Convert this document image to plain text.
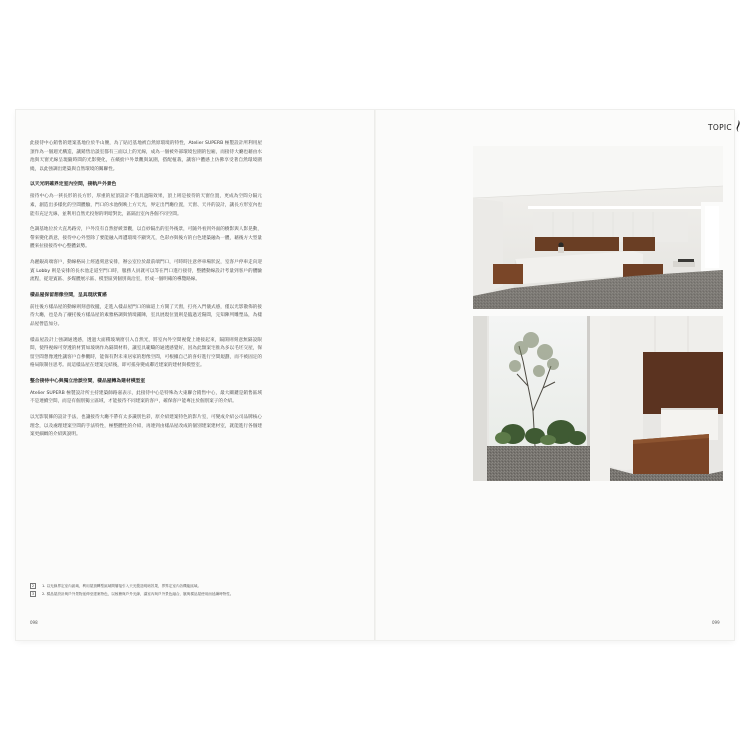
此接待中心銷售的建案基地位於半山腰，為了貼近基地被自然原環境的特性，Atelier SUPERB 極製設計所利用屋頂作為一個週光構造，讓銷售洽談室都有三面以上的光線，成為一個被外部環境包圍的包廂，而接待大廳也藉由水池與天窗光線呈現隨時間的光影變化，在繽紛戶外景觀與氣圍，搭配植栽，讓客戶體感上仿佛享受著自然環境圍繞，以此強調出建築與自然環境的關聯性。

以天光明確界定室內空間，接軌戶外景色

接待中心為一狹長形的長方形，厚重的屋頂設計不僅具遮陽效果，頂上則是接待的天窗位置，更成為空間分隔元素，創造出多樣化的空間體驗，門口的水池倒映上方天光，界定出門廳位置，天窗、天井的設計，讓長方形室內也能有充足光線，並利用自然光投射的明暗對比，區隔出室內各個不同空間。

色調基地位於大直馬路旁，戶外沒有自然舒緩景觀，以自紗隔出的室外後景，可隨外看到外面的樹影與人影晃動，帶來變化新意，接待中心外型除了要能融入周遭環境不顯突兀，色彩亦與後方的白色建築融為一體，藉後方大型量體來拉接接待中心整體氣勢。

為麗銀高端客戶，動線格局上經過刻意安排，辦公室位於最前端門口，可時時注意停車場狀況，室客戶停車走向迎賓 Lobby 則是安排的長水池走道至門口時，服務人員就可以等在門口進行接待，整體動線設計考量到客戶的體驗流程，從迎賓區、多媒體展示區、模型區到個別商洽室，形成一個明確的導覽路線。

樣品屋保留想像空間，呈具現狀質感

前往後方樣品屋的動線則刻意收攏，走進入樣品屋門口的廊道上方開了天窗，打亮入門儀式感，僅以光影散佈的接待大廳，也是為了襯托後方樣品屋的素雅格調與情境鋪陳，室具展現位置則是臨過近陽間，完知陳列雕塑品，為樣品屋營造加分。

樣品屋設計上強調通透感，透過大面積玻璃窗引入自然光，將室內外空間視覺上連接起來，隔開則刻意無隔設限間，使得視線可穿透的材質如玻璃作為隔間材料，讓室具範疇的通透感覺好，因為此類案宅推為多以毛坯交屋，保留空間想像透性讓客戶自參觀時，能保有對未來居家的想像空間，可根據自己的喜好進行空間規劃，而不被固定的格局限制住思考。而這樣品屋在建案完結後，即可搖身變成鄰近建案的建材與模型室。

整合接待中心與獨立洽談空間，樣品屋轉為建材模型室

Atelier SUPERB 極製設計所主持建築師路嘉表示，此接待中心是特殊為大東聯合銷售中心，最大關鍵是銷售區域不是連續空間，而是有個別獨立區域，才能接待不同建案的客戶，確保客戶能專注於個別案子的介紹。

以光影裝飾的設計手法，也讓接待大廳不帶有太多識別色彩，原介紹建案特色的影片室，可變成介紹公司品牌核心理念，以及處理建案空間的手法特性，極整體性的介紹，再連到由樣品屋改成的個別建案建材室，就能進行各個建案更細緻的介紹與說明。

2	1. 以光線界定室內區域，利用屋頂轉型區域間層接引入天光製造明暗效果，界界定室內各機能區域。
3	2. 樣品屋設計與戶外景物延伸至建案特色，以極簡與戶外光線，讓室內與戶外景色融合，賦與樣品屋使用而延續時特性。
098	099
TOPIC
